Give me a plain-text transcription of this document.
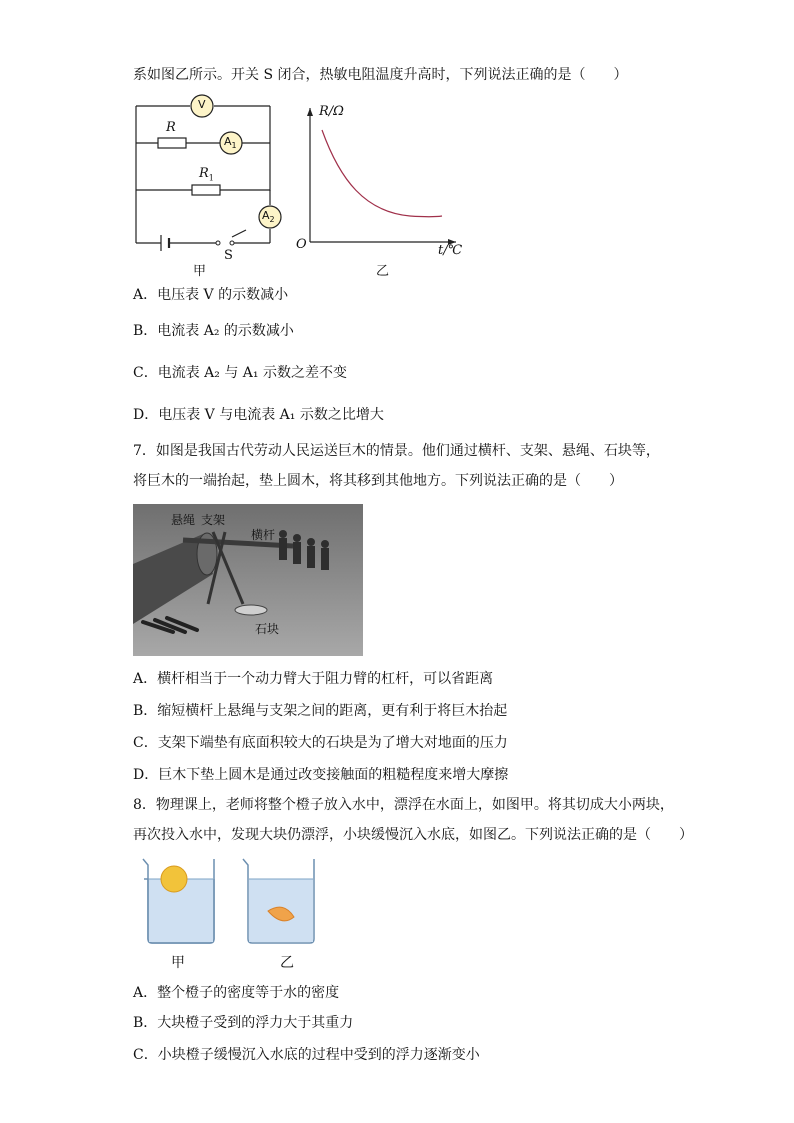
系如图乙所示。开关 S 闭合，热敏电阻温度升高时，下列说法正确的是（　　）
V
$A_1$
$A_2$
R
$R_1$
S
甲
R/Ω
O	t/℃
乙
A．电压表 V 的示数减小
B．电流表 A₂ 的示数减小
C．电流表 A₂ 与 A₁ 示数之差不变
D．电压表 V 与电流表 A₁ 示数之比增大
7．如图是我国古代劳动人民运送巨木的情景。他们通过横杆、支架、悬绳、石块等，
将巨木的一端抬起，垫上圆木，将其移到其他地方。下列说法正确的是（　　）
悬绳 支架
横杆
石块
A．横杆相当于一个动力臂大于阻力臂的杠杆，可以省距离
B．缩短横杆上悬绳与支架之间的距离，更有利于将巨木抬起
C．支架下端垫有底面积较大的石块是为了增大对地面的压力
D．巨木下垫上圆木是通过改变接触面的粗糙程度来增大摩擦
8．物理课上，老师将整个橙子放入水中，漂浮在水面上，如图甲。将其切成大小两块，
再次投入水中，发现大块仍漂浮，小块缓慢沉入水底，如图乙。下列说法正确的是（　　）
甲	乙
A．整个橙子的密度等于水的密度
B．大块橙子受到的浮力大于其重力
C．小块橙子缓慢沉入水底的过程中受到的浮力逐渐变小
